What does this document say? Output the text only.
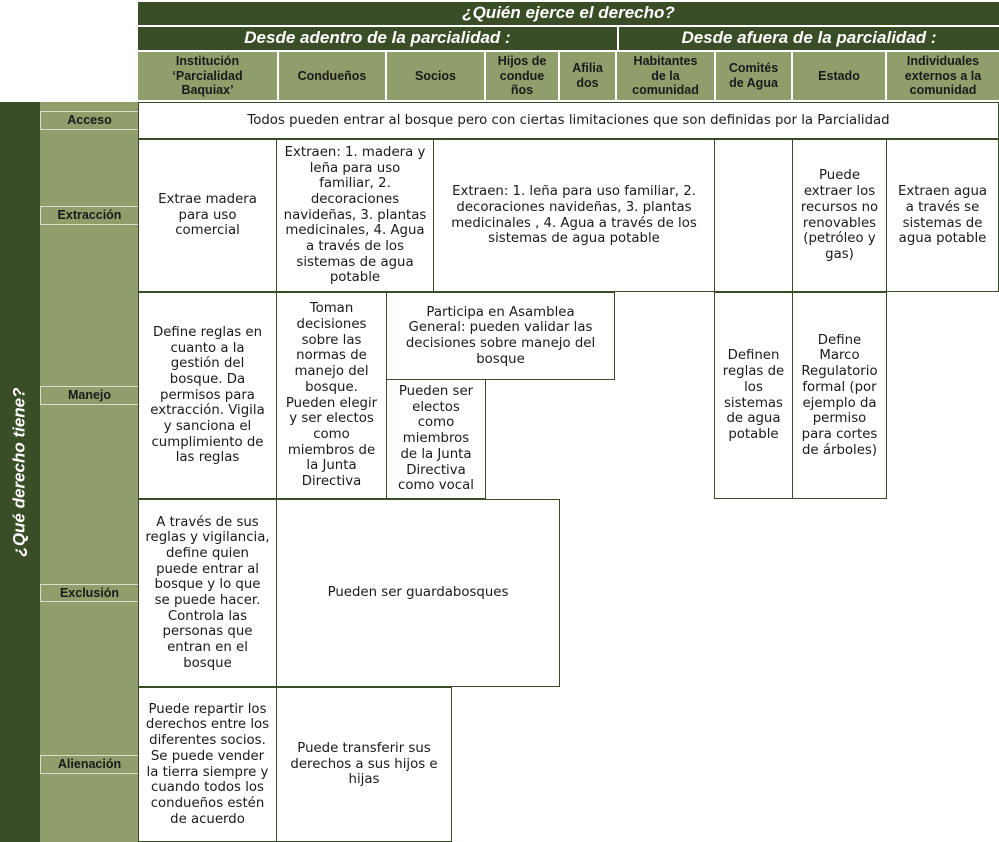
¿Quién ejerce el derecho?
Desde adentro de la parcialidad :	Desde afuera de la parcialidad :
Institución
‘Parcialidad
Baquiax’
Condueños	Socios
Hijos de
condue
ños
Afilia
dos
Habitantes
de la
comunidad
Comités
de Agua
Estado
Individuales
externos a la
comunidad
¿Qué derecho tiene?
Acceso
Extracción
Manejo
Exclusión
Alienación
Todos pueden entrar al bosque pero con ciertas limitaciones que son definidas por la Parcialidad
Extrae madera para uso comercial
Extraen: 1. madera y leña para uso familiar, 2. decoraciones navideñas, 3. plantas medicinales, 4. Agua a través de los sistemas de agua potable
Extraen: 1. leña para uso familiar, 2. decoraciones navideñas, 3. plantas medicinales , 4. Agua a través de los sistemas de agua potable
Puede extraer los recursos no renovables (petróleo y gas)
Extraen agua a través se sistemas de agua potable
Define reglas en cuanto a la gestión del bosque. Da permisos para extracción. Vigila y sanciona el cumplimiento de las reglas
Toman decisiones sobre las normas de manejo del bosque. Pueden elegir y ser electos como miembros de la Junta Directiva
Participa en Asamblea General: pueden validar las decisiones sobre manejo del bosque
Pueden ser electos como miembros de la Junta Directiva como vocal
Definen reglas de los sistemas de agua potable
Define Marco Regulatorio formal (por ejemplo da permiso para cortes de árboles)
A través de sus reglas y vigilancia, define quien puede entrar al bosque y lo que se puede hacer. Controla las personas que entran en el bosque
Pueden ser guardabosques
Puede repartir los derechos entre los diferentes socios. Se puede vender la tierra siempre y cuando todos los condueños estén de acuerdo
Puede transferir sus derechos a sus hijos e hijas
